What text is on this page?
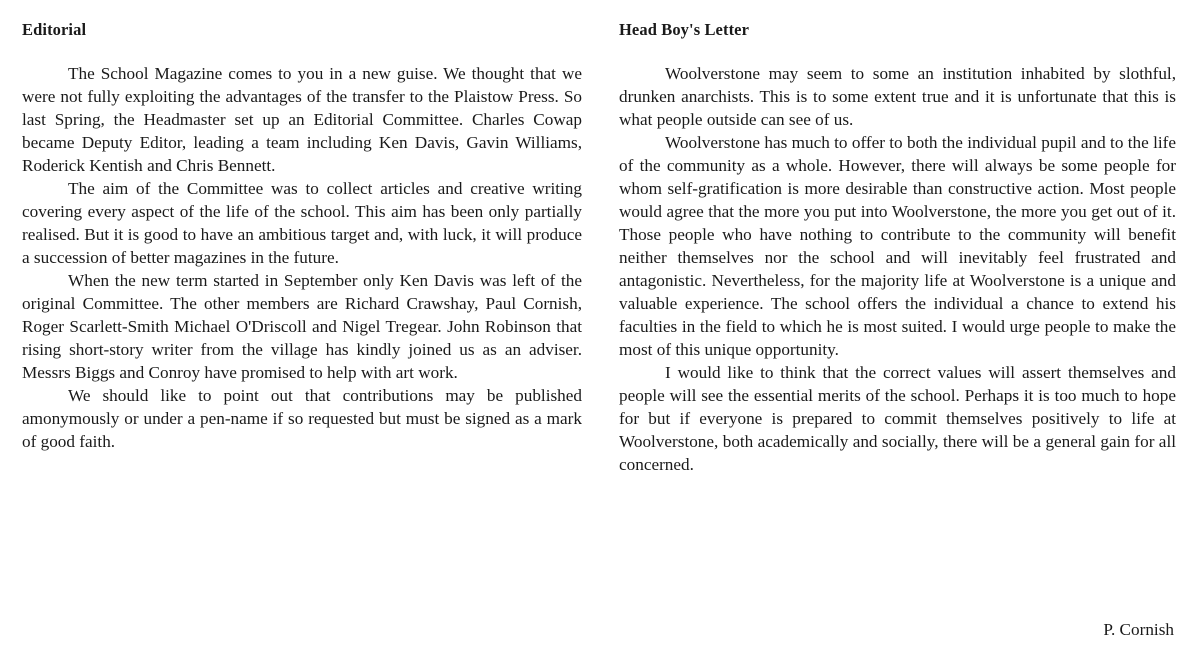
Editorial

The School Magazine comes to you in a new guise. We thought that we were not fully exploiting the advantages of the transfer to the Plaistow Press. So last Spring, the Headmaster set up an Editorial Committee. Charles Cowap became Deputy Editor, leading a team including Ken Davis, Gavin Williams, Roderick Kentish and Chris Bennett.

The aim of the Committee was to collect articles and creative writing covering every aspect of the life of the school. This aim has been only partially realised. But it is good to have an ambitious target and, with luck, it will produce a succession of better magazines in the future.

When the new term started in September only Ken Davis was left of the original Committee. The other members are Richard Crawshay, Paul Cornish, Roger Scarlett-Smith Michael O'Driscoll and Nigel Tregear. John Robinson that rising short-story writer from the village has kindly joined us as an adviser. Messrs Biggs and Conroy have promised to help with art work.

We should like to point out that contributions may be published amonymously or under a pen-name if so requested but must be signed as a mark of good faith.

Head Boy's Letter

Woolverstone may seem to some an institution inhabited by slothful, drunken anarchists. This is to some extent true and it is unfortunate that this is what people outside can see of us.

Woolverstone has much to offer to both the individual pupil and to the life of the community as a whole. However, there will always be some people for whom self-gratification is more desirable than constructive action. Most people would agree that the more you put into Woolverstone, the more you get out of it. Those people who have nothing to contribute to the community will benefit neither themselves nor the school and will inevitably feel frustrated and antagonistic. Nevertheless, for the majority life at Woolverstone is a unique and valuable experience. The school offers the individual a chance to extend his faculties in the field to which he is most suited. I would urge people to make the most of this unique opportunity.

I would like to think that the correct values will assert themselves and people will see the essential merits of the school. Perhaps it is too much to hope for but if everyone is prepared to commit themselves positively to life at Woolverstone, both academically and socially, there will be a general gain for all concerned.

P. Cornish
